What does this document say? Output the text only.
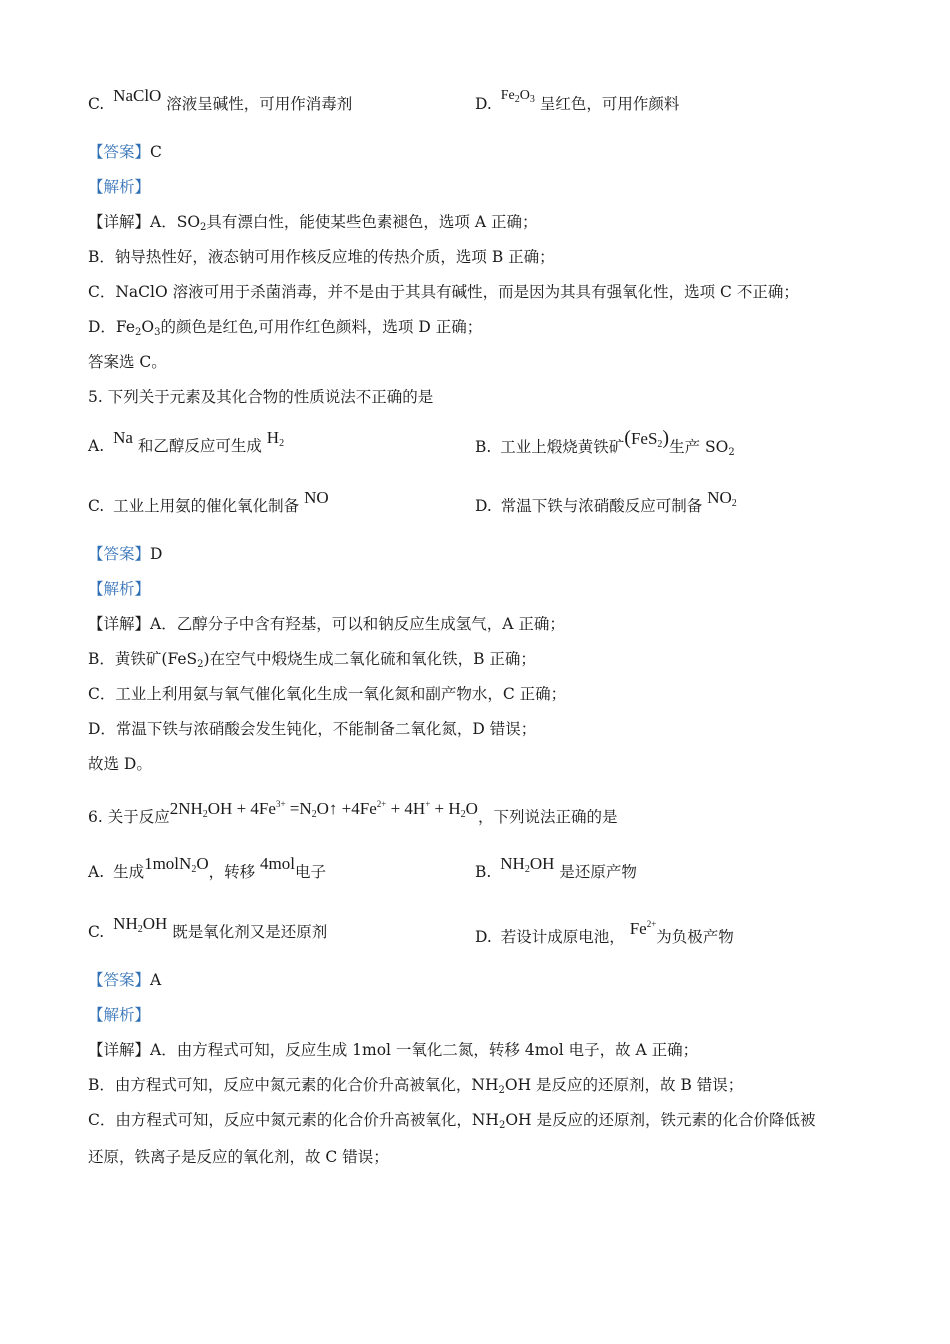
C. NaClO 溶液呈碱性，可用作消毒剂	D. $Fe_2O_3$ 呈红色，可用作颜料
【答案】C
【解析】
【详解】A．$SO_2$具有漂白性，能使某些色素褪色，选项 A 正确；
B．钠导热性好，液态钠可用作核反应堆的传热介质，选项 B 正确；
C．NaClO 溶液可用于杀菌消毒，并不是由于其具有碱性，而是因为其具有强氧化性，选项 C 不正确；
D．$Fe_2O_3$的颜色是红色,可用作红色颜料，选项 D 正确；
答案选 C。
5. 下列关于元素及其化合物的性质说法不正确的是
A. Na 和乙醇反应可生成 $H_2$	B. 工业上煅烧黄铁矿(FeS$_2$)生产 $SO_2$
C. 工业上用氨的催化氧化制备 NO	D. 常温下铁与浓硝酸反应可制备 $NO_2$
【答案】D
【解析】
【详解】A．乙醇分子中含有羟基，可以和钠反应生成氢气，A 正确；
B．黄铁矿(FeS$_2$)在空气中煅烧生成二氧化硫和氧化铁，B 正确；
C．工业上利用氨与氧气催化氧化生成一氧化氮和副产物水，C 正确；
D．常温下铁与浓硝酸会发生钝化，不能制备二氧化氮，D 错误；
故选 D。
6. 关于反应$2NH_2OH + 4Fe^{3+}$ $=N_2O↑ +4Fe^{2+} + 4H^+ + H_2O$，下列说法正确的是
A. 生成1molN$_2$O，转移 4mol电子	B. $NH_2OH$ 是还原产物
C. $NH_2OH$ 既是氧化剂又是还原剂	D. 若设计成原电池， $Fe^{2+}$为负极产物
【答案】A
【解析】
【详解】A．由方程式可知，反应生成 1mol 一氧化二氮，转移 4mol 电子，故 A 正确；
B．由方程式可知，反应中氮元素的化合价升高被氧化，$NH_2OH$ 是反应的还原剂，故 B 错误；
C．由方程式可知，反应中氮元素的化合价升高被氧化，$NH_2OH$ 是反应的还原剂，铁元素的化合价降低被
还原，铁离子是反应的氧化剂，故 C 错误；
